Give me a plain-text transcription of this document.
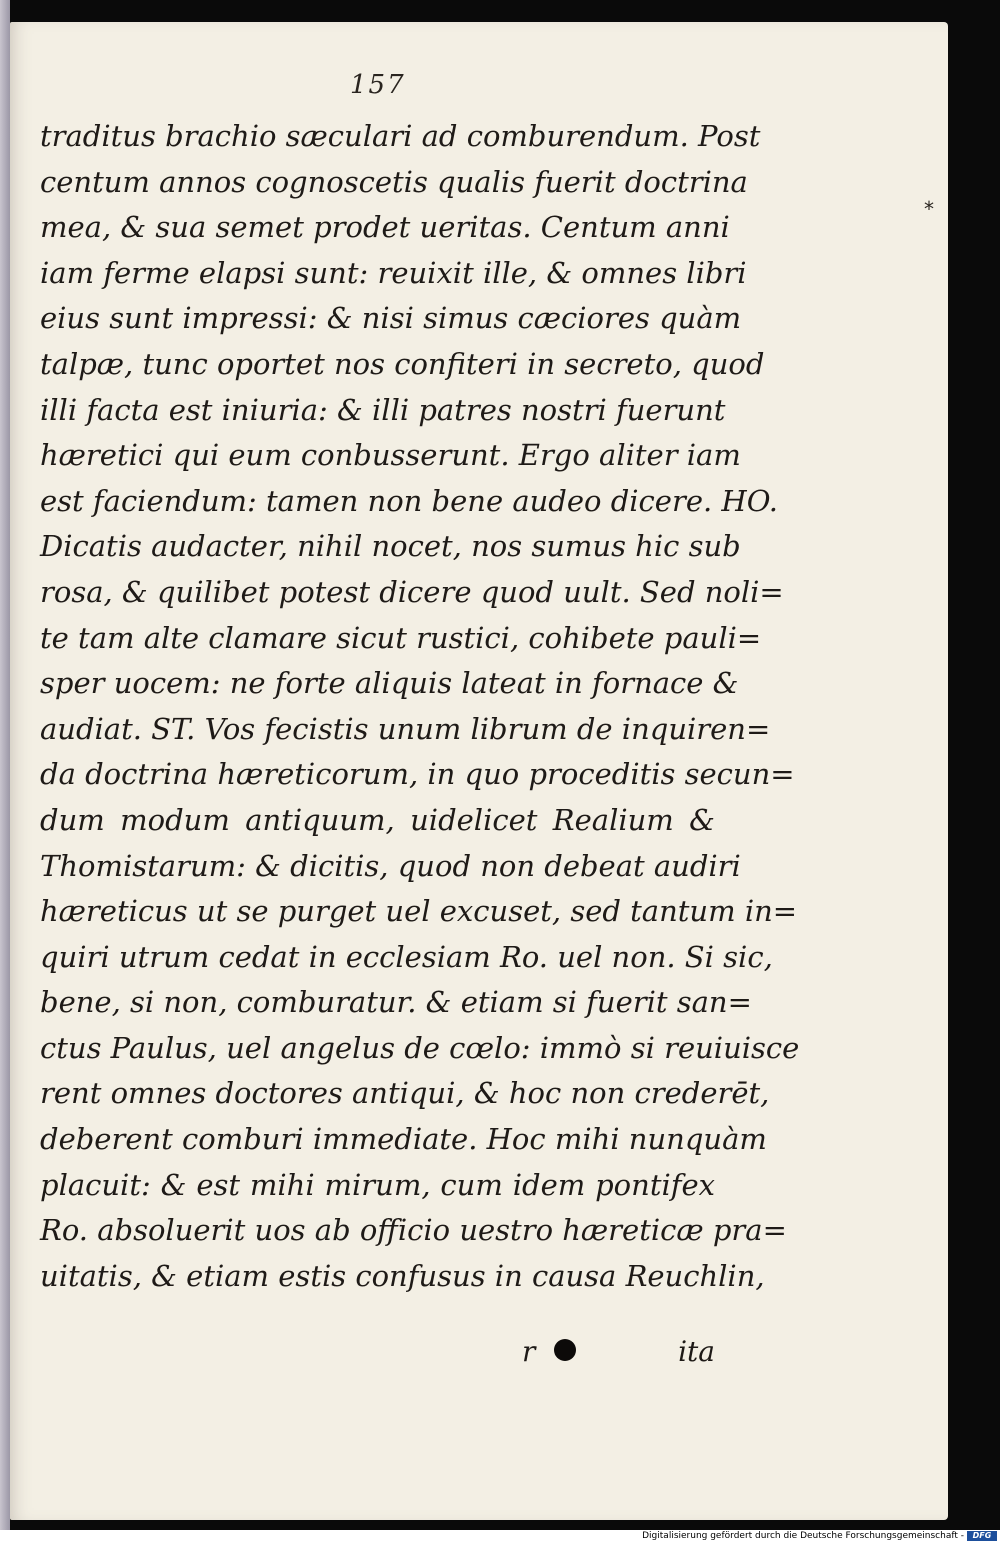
157
*
traditus brachio sæculari ad comburendum. Post
centum annos cognoscetis qualis fuerit doctrina
mea, & sua semet prodet ueritas. Centum anni
iam ferme elapsi sunt: reuixit ille, & omnes libri
eius sunt impressi: & nisi simus cæciores quàm
talpæ, tunc oportet nos confiteri in secreto, quod
illi facta est iniuria: & illi patres nostri fuerunt
hæretici qui eum conbusserunt. Ergo aliter iam
est faciendum: tamen non bene audeo dicere. HO.
Dicatis audacter, nihil nocet, nos sumus hic sub
rosa, & quilibet potest dicere quod uult. Sed noli=
te tam alte clamare sicut rustici, cohibete pauli=
sper uocem: ne forte aliquis lateat in fornace &
audiat. ST. Vos fecistis unum librum de inquiren=
da doctrina hæreticorum, in quo proceditis secun=
dum modum antiquum, uidelicet Realium &
Thomistarum: & dicitis, quod non debeat audiri
hæreticus ut se purget uel excuset, sed tantum in=
quiri utrum cedat in ecclesiam Ro. uel non. Si sic,
bene, si non, comburatur. & etiam si fuerit san=
ctus Paulus, uel angelus de cœlo: immò si reuiuisce
rent omnes doctores antiqui, & hoc non crederēt,
deberent comburi immediate. Hoc mihi nunquàm
placuit: & est mihi mirum, cum idem pontifex
Ro. absoluerit uos ab officio uestro hæreticæ pra=
uitatis, & etiam estis confusus in causa Reuchlin,
r	ita
Digitalisierung gefördert durch die Deutsche Forschungsgemeinschaft -	DFG
